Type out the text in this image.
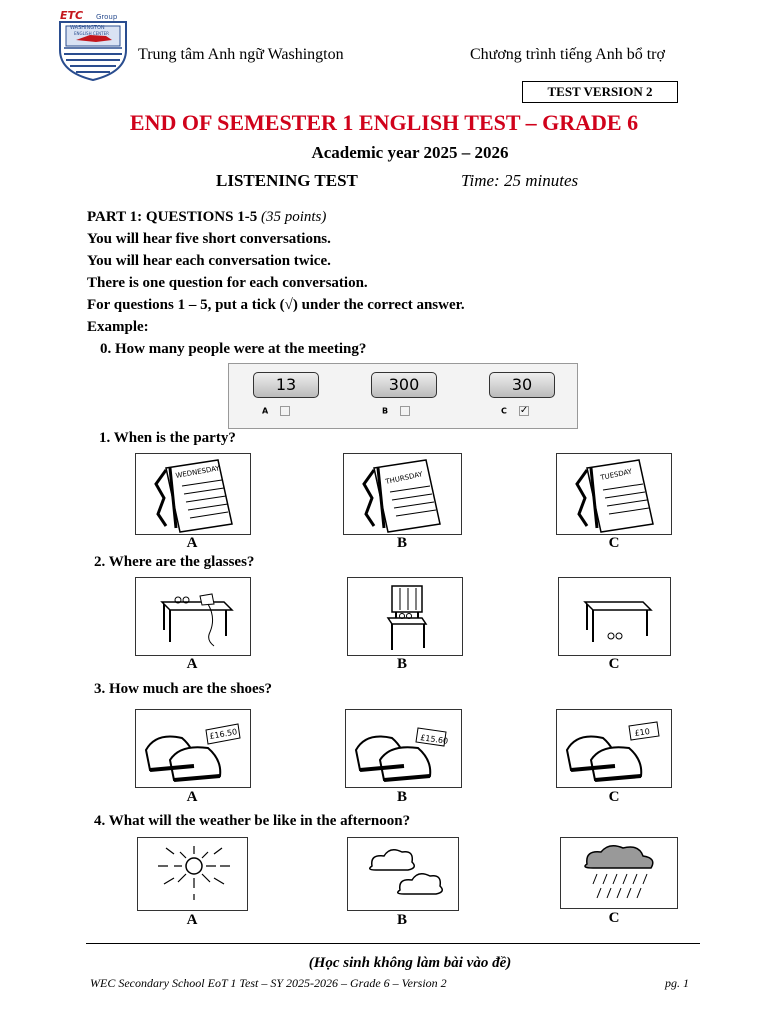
ETC Group
WASHINGTON
ENGLISH CENTER
Trung tâm Anh ngữ Washington	Chương trình tiếng Anh bổ trợ
TEST VERSION 2
END OF SEMESTER 1 ENGLISH TEST – GRADE 6
Academic year 2025 – 2026
LISTENING TEST	Time: 25 minutes
PART 1: QUESTIONS 1-5 (35 points)
You will hear five short conversations.
You will hear each conversation twice.
There is one question for each conversation.
For questions 1 – 5, put a tick (√) under the correct answer.
Example:
0. How many people were at the meeting?
13	300	30
A	B	C ✓
1. When is the party?
WEDNESDAY	THURSDAY	TUESDAY
A	B	C
2. Where are the glasses?
A	B	C
3. How much are the shoes?
£16.50	£15.60
£10
A	B	C
4. What will the weather be like in the afternoon?
A	B	C
(Học sinh không làm bài vào đề)
WEC Secondary School EoT 1 Test – SY 2025-2026 – Grade 6 – Version 2	pg. 1
